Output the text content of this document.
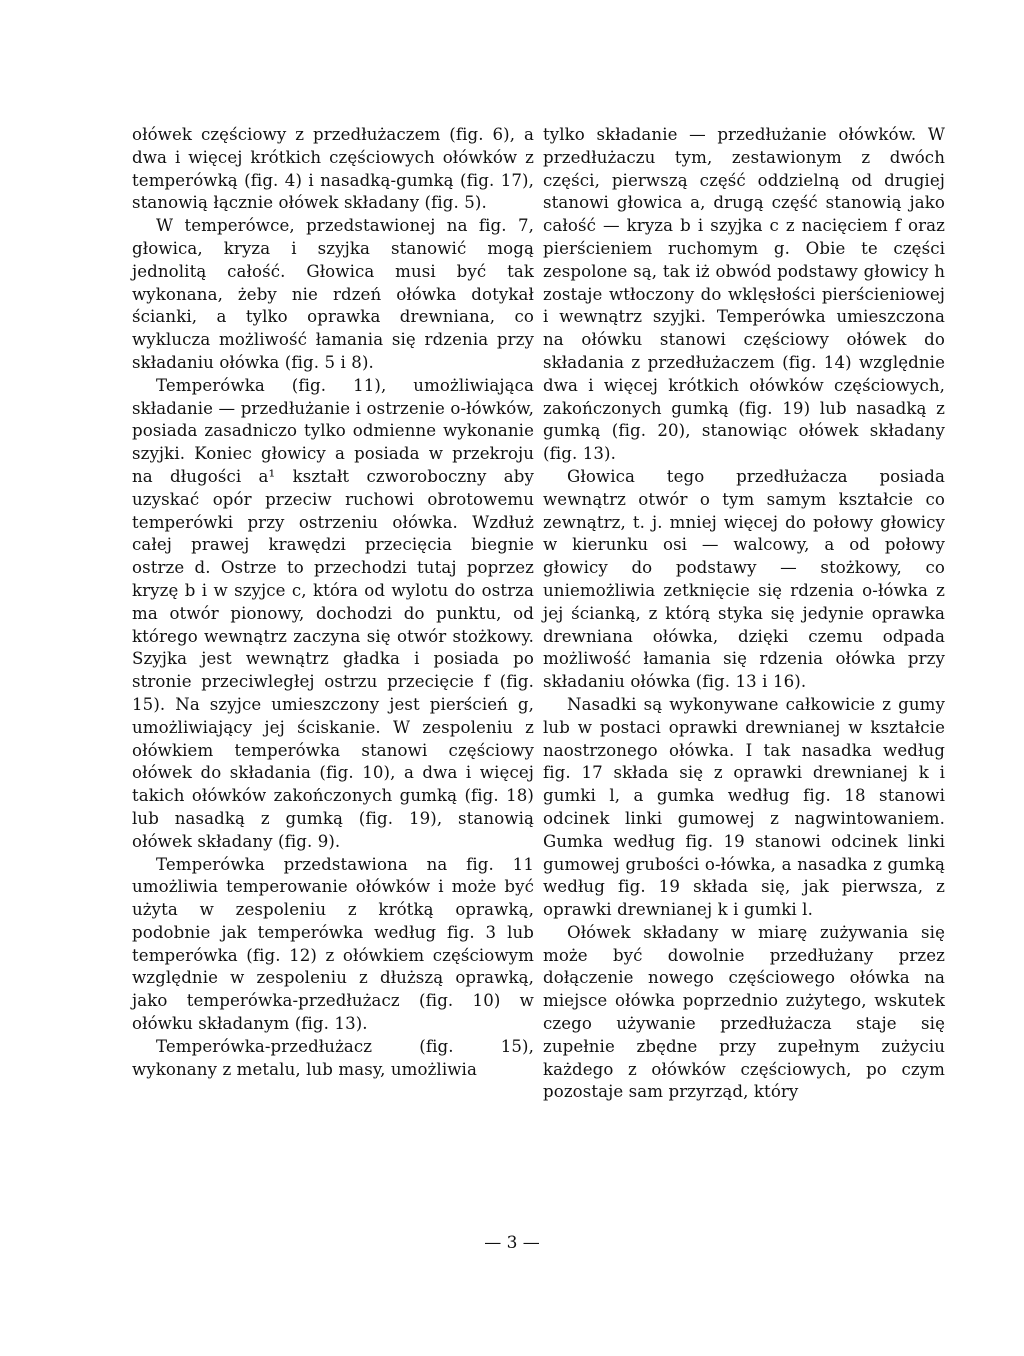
ołówek częściowy z przedłużaczem (fig. 6), a dwa i więcej krótkich częściowych ołówków z temperówką (fig. 4) i nasadką-gumką (fig. 17), stanowią łącznie ołówek składany (fig. 5).

W temperówce, przedstawionej na fig. 7, głowica, kryza i szyjka stanowić mogą jednolitą całość. Głowica musi być tak wykonana, żeby nie rdzeń ołówka dotykał ścianki, a tylko oprawka drewniana, co wyklucza możliwość łamania się rdzenia przy składaniu ołówka (fig. 5 i 8).

Temperówka (fig. 11), umożliwiająca składanie — przedłużanie i ostrzenie o-łówków, posiada zasadniczo tylko odmienne wykonanie szyjki. Koniec głowicy a posiada w przekroju na długości a¹ kształt czworoboczny aby uzyskać opór przeciw ruchowi obrotowemu temperówki przy ostrzeniu ołówka. Wzdłuż całej prawej krawędzi przecięcia biegnie ostrze d. Ostrze to przechodzi tutaj poprzez kryzę b i w szyjce c, która od wylotu do ostrza ma otwór pionowy, dochodzi do punktu, od którego wewnątrz zaczyna się otwór stożkowy. Szyjka jest wewnątrz gładka i posiada po stronie przeciwległej ostrzu przecięcie f (fig. 15). Na szyjce umieszczony jest pierścień g, umożliwiający jej ściskanie. W zespoleniu z ołówkiem temperówka stanowi częściowy ołówek do składania (fig. 10), a dwa i więcej takich ołówków zakończonych gumką (fig. 18) lub nasadką z gumką (fig. 19), stanowią ołówek składany (fig. 9).

Temperówka przedstawiona na fig. 11 umożliwia temperowanie ołówków i może być użyta w zespoleniu z krótką oprawką, podobnie jak temperówka według fig. 3 lub temperówka (fig. 12) z ołówkiem częściowym względnie w zespoleniu z dłuższą oprawką, jako temperówka-przedłużacz (fig. 10) w ołówku składanym (fig. 13).

Temperówka-przedłużacz (fig. 15), wykonany z metalu, lub masy, umożliwia

tylko składanie — przedłużanie ołówków. W przedłużaczu tym, zestawionym z dwóch części, pierwszą część oddzielną od drugiej stanowi głowica a, drugą część stanowią jako całość — kryza b i szyjka c z nacięciem f oraz pierścieniem ruchomym g. Obie te części zespolone są, tak iż obwód podstawy głowicy h zostaje wtłoczony do wklęsłości pierścieniowej i wewnątrz szyjki. Temperówka umieszczona na ołówku stanowi częściowy ołówek do składania z przedłużaczem (fig. 14) względnie dwa i więcej krótkich ołówków częściowych, zakończonych gumką (fig. 19) lub nasadką z gumką (fig. 20), stanowiąc ołówek składany (fig. 13).

Głowica tego przedłużacza posiada wewnątrz otwór o tym samym kształcie co zewnątrz, t. j. mniej więcej do połowy głowicy w kierunku osi — walcowy, a od połowy głowicy do podstawy — stożkowy, co uniemożliwia zetknięcie się rdzenia o-łówka z jej ścianką, z którą styka się jedynie oprawka drewniana ołówka, dzięki czemu odpada możliwość łamania się rdzenia ołówka przy składaniu ołówka (fig. 13 i 16).

Nasadki są wykonywane całkowicie z gumy lub w postaci oprawki drewnianej w kształcie naostrzonego ołówka. I tak nasadka według fig. 17 składa się z oprawki drewnianej k i gumki l, a gumka według fig. 18 stanowi odcinek linki gumowej z nagwintowaniem. Gumka według fig. 19 stanowi odcinek linki gumowej grubości o-łówka, a nasadka z gumką według fig. 19 składa się, jak pierwsza, z oprawki drewnianej k i gumki l.

Ołówek składany w miarę zużywania się może być dowolnie przedłużany przez dołączenie nowego częściowego ołówka na miejsce ołówka poprzednio zużytego, wskutek czego używanie przedłużacza staje się zupełnie zbędne przy zupełnym zużyciu każdego z ołówków częściowych, po czym pozostaje sam przyrząd, który

— 3 —
